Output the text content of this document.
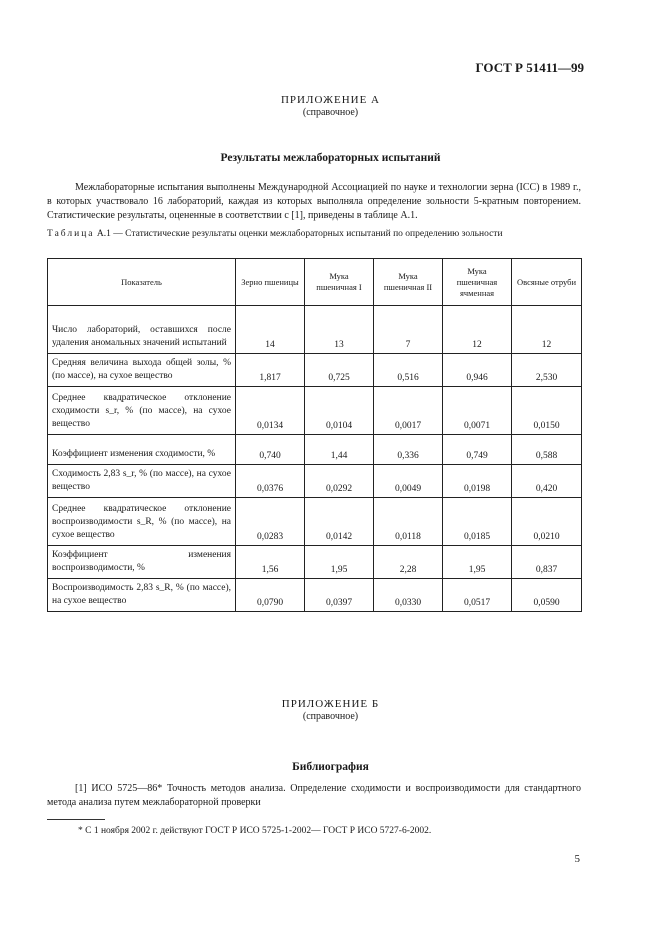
ГОСТ Р 51411—99
ПРИЛОЖЕНИЕ А
(справочное)
Результаты межлабораторных испытаний

Межлабораторные испытания выполнены Международной Ассоциацией по науке и технологии зерна (ICC) в 1989 г., в которых участвовало 16 лабораторий, каждая из которых выполняла определение зольности 5-кратным повторением. Статистические результаты, оцененные в соответствии с [1], приведены в таблице А.1.

Таблица А.1 — Статистические результаты оценки межлабораторных испытаний по определению зольности
Показатель	Зерно пшеницы	Мука пшеничная I	Мука пшеничная II	Мука пшеничная ячменная	Овсяные отруби
Число лабораторий, оставшихся после удаления аномальных значений испытаний	14	13	7	12	12
Средняя величина выхода общей золы, % (по массе), на сухое вещество	1,817	0,725	0,516	0,946	2,530
Среднее квадратическое отклонение сходимости s_r, % (по массе), на сухое вещество	0,0134	0,0104	0,0017	0,0071	0,0150
Коэффициент изменения сходимости, %	0,740	1,44	0,336	0,749	0,588
Сходимость 2,83 s_r, % (по массе), на сухое вещество	0,0376	0,0292	0,0049	0,0198	0,420
Среднее квадратическое отклонение воспроизводимости s_R, % (по массе), на сухое вещество	0,0283	0,0142	0,0118	0,0185	0,0210
Коэффициент изменения воспроизводимости, %	1,56	1,95	2,28	1,95	0,837
Воспроизводимость 2,83 s_R, % (по массе), на сухое вещество	0,0790	0,0397	0,0330	0,0517	0,0590
ПРИЛОЖЕНИЕ Б
(справочное)
Библиография

[1] ИСО 5725—86* Точность методов анализа. Определение сходимости и воспроизводимости для стандартного метода анализа путем межлабораторной проверки

* С 1 ноября 2002 г. действуют ГОСТ Р ИСО 5725-1-2002— ГОСТ Р ИСО 5727-6-2002.
5
